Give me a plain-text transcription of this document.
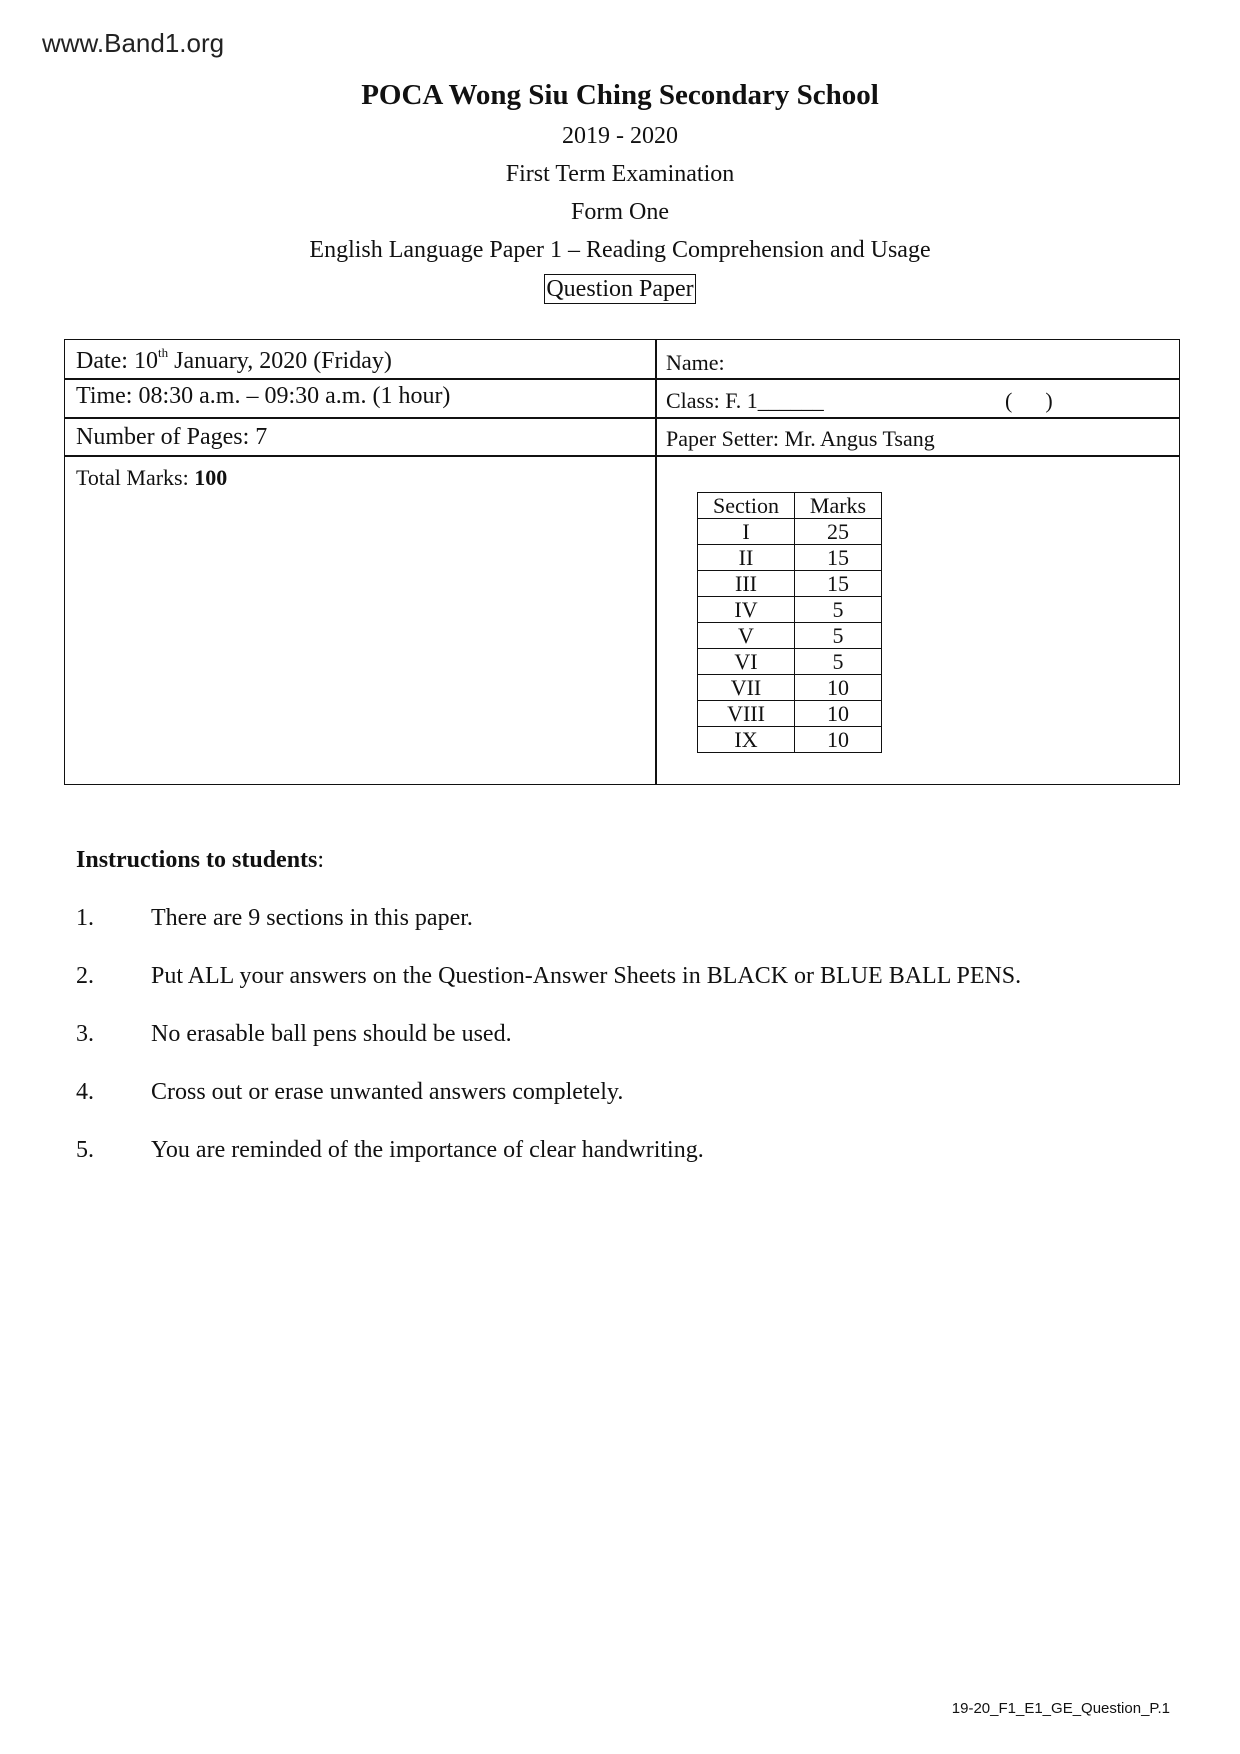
www.Band1.org
POCA Wong Siu Ching Secondary School
2019 - 2020
First Term Examination
Form One
English Language Paper 1 – Reading Comprehension and Usage
Question Paper
Date: 10th January, 2020 (Friday)
Time: 08:30 a.m. – 09:30 a.m. (1 hour)
Number of Pages: 7
Total Marks: 100
Name:
Class: F. 1______	(      )
Paper Setter: Mr. Angus Tsang
Section	Marks
I	25
II	15
III	15
IV	5
V	5
VI	5
VII	10
VIII	10
IX	10
Instructions to students:
1. There are 9 sections in this paper.
2. Put ALL your answers on the Question-Answer Sheets in BLACK or BLUE BALL PENS.
3. No erasable ball pens should be used.
4. Cross out or erase unwanted answers completely.
5. You are reminded of the importance of clear handwriting.
19-20_F1_E1_GE_Question_P.1
